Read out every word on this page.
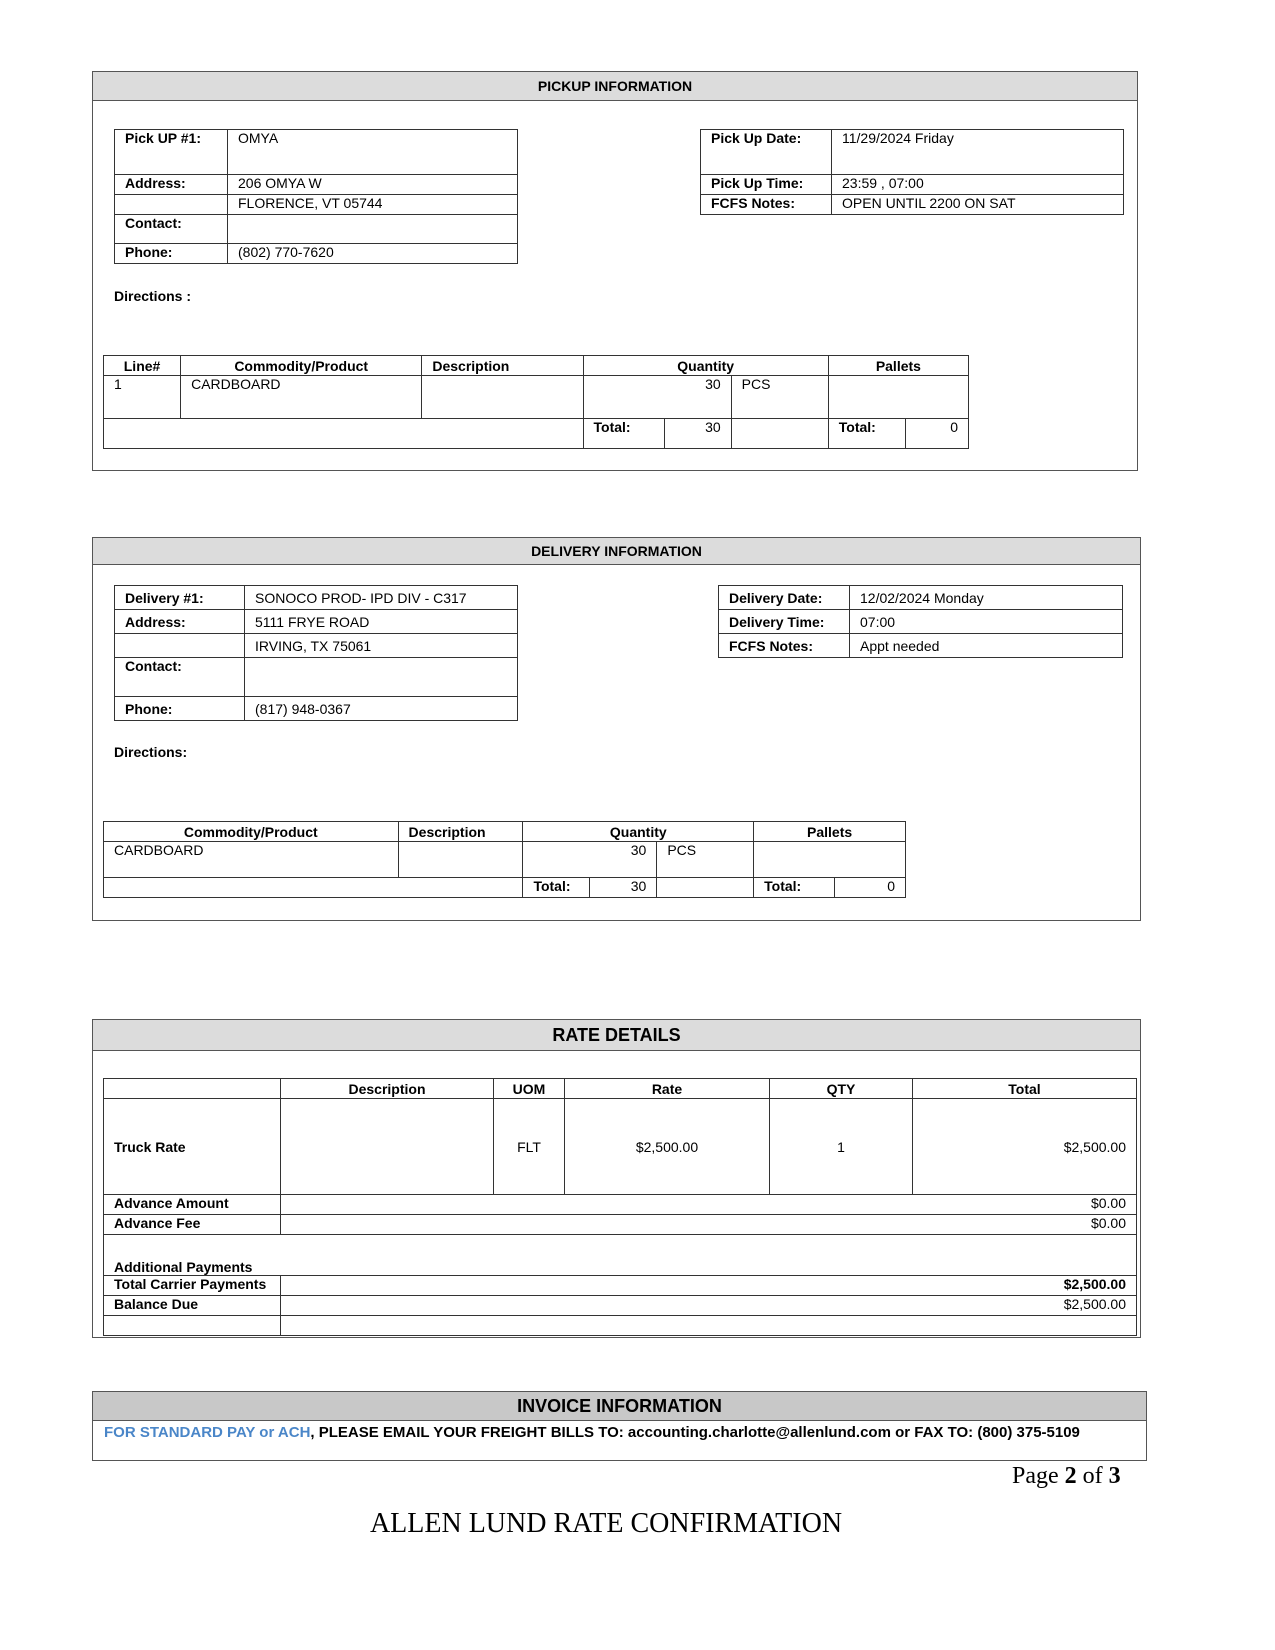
PICKUP INFORMATION
Pick UP #1:	OMYA
Address:	206 OMYA W
	FLORENCE, VT 05744
Contact:	
Phone:	(802) 770-7620
Pick Up Date:	11/29/2024 Friday
Pick Up Time:	23:59 , 07:00
FCFS Notes:	OPEN UNTIL 2200 ON SAT
Directions :
Line#	Commodity/Product	Description	Quantity			Pallets	
1	CARDBOARD		30		PCS		
			Total:	30		Total:	0
DELIVERY INFORMATION
Delivery #1:	SONOCO PROD- IPD DIV - C317
Address:	5111 FRYE ROAD
	IRVING, TX 75061
Contact:	
Phone:	(817) 948-0367
Delivery Date:	12/02/2024 Monday
Delivery Time:	07:00
FCFS Notes:	Appt needed
Directions:
Commodity/Product	Description	Quantity			Pallets	
CARDBOARD		30		PCS		
		Total:	30		Total:	0
RATE DETAILS
	Description	UOM	Rate	QTY	Total
Truck Rate		FLT	$2,500.00	1	$2,500.00
Advance Amount	$0.00				
Advance Fee	$0.00				
Additional Payments					
Total Carrier Payments	$2,500.00				
Balance Due	$2,500.00				

INVOICE INFORMATION
FOR STANDARD PAY or ACH, PLEASE EMAIL YOUR FREIGHT BILLS TO: accounting.charlotte@allenlund.com or FAX TO: (800) 375-5109
Page 2 of 3
ALLEN LUND RATE CONFIRMATION
